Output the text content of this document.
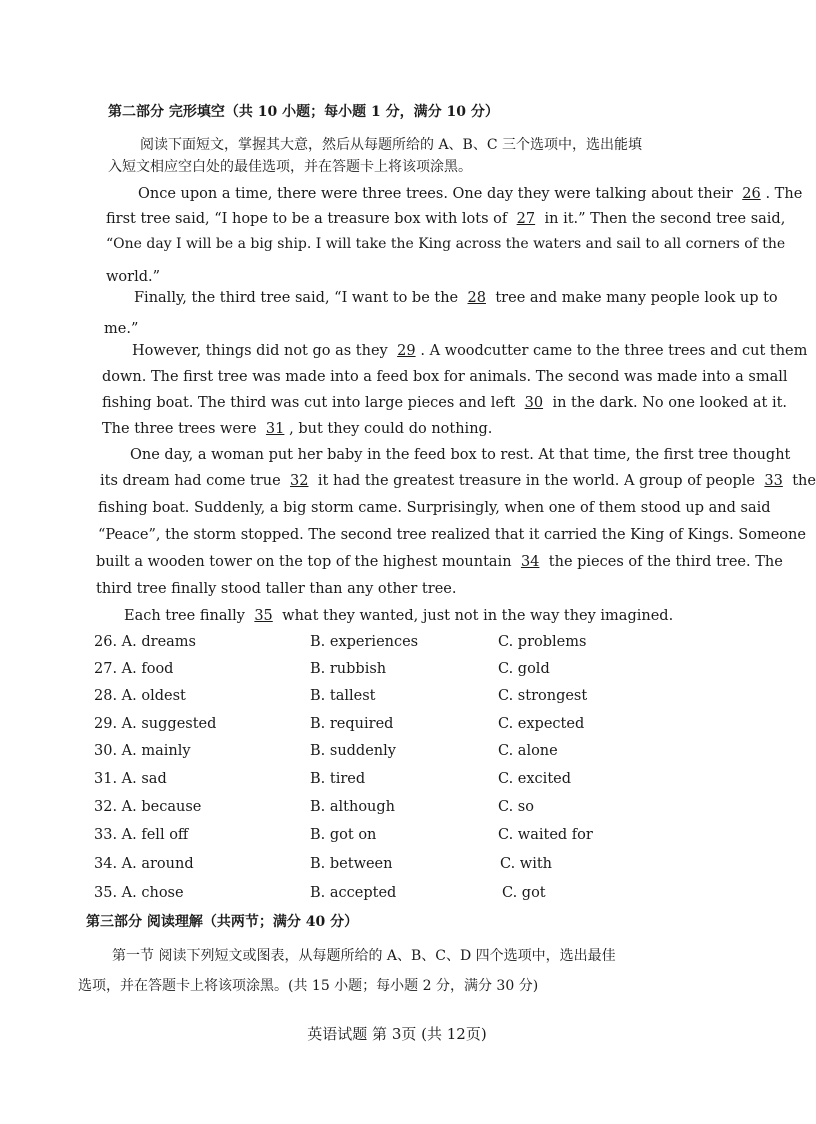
第二部分 完形填空（共 10 小题；每小题 1 分，满分 10 分）
阅读下面短文，掌握其大意，然后从每题所给的 A、B、C 三个选项中，选出能填
入短文相应空白处的最佳选项，并在答题卡上将该项涂黑。
Once upon a time, there were three trees. One day they were talking about their 26 . The
first tree said, “I hope to be a treasure box with lots of 27 in it.” Then the second tree said,
“One day I will be a big ship. I will take the King across the waters and sail to all corners of the
world.”
Finally, the third tree said, “I want to be the 28 tree and make many people look up to
me.”
However, things did not go as they 29 . A woodcutter came to the three trees and cut them
down. The first tree was made into a feed box for animals. The second was made into a small
fishing boat. The third was cut into large pieces and left 30 in the dark. No one looked at it.
The three trees were 31 , but they could do nothing.
One day, a woman put her baby in the feed box to rest. At that time, the first tree thought
its dream had come true 32 it had the greatest treasure in the world. A group of people 33 the
fishing boat. Suddenly, a big storm came. Surprisingly, when one of them stood up and said
“Peace”, the storm stopped. The second tree realized that it carried the King of Kings. Someone
built a wooden tower on the top of the highest mountain 34 the pieces of the third tree. The
third tree finally stood taller than any other tree.
Each tree finally 35 what they wanted, just not in the way they imagined.
26. A. dreams	B. experiences	C. problems
27. A. food	B. rubbish	C. gold
28. A. oldest	B. tallest	C. strongest
29. A. suggested	B. required	C. expected
30. A. mainly	B. suddenly	C. alone
31. A. sad	B. tired	C. excited
32. A. because	B. although	C. so
33. A. fell off	B. got on	C. waited for
34. A. around	B. between	C. with
35. A. chose	B. accepted	C. got
第三部分 阅读理解（共两节；满分 40 分）
第一节 阅读下列短文或图表，从每题所给的 A、B、C、D 四个选项中，选出最佳
选项，并在答题卡上将该项涂黑。(共 15 小题；每小题 2 分，满分 30 分)
英语试题 第 3页 (共 12页)
